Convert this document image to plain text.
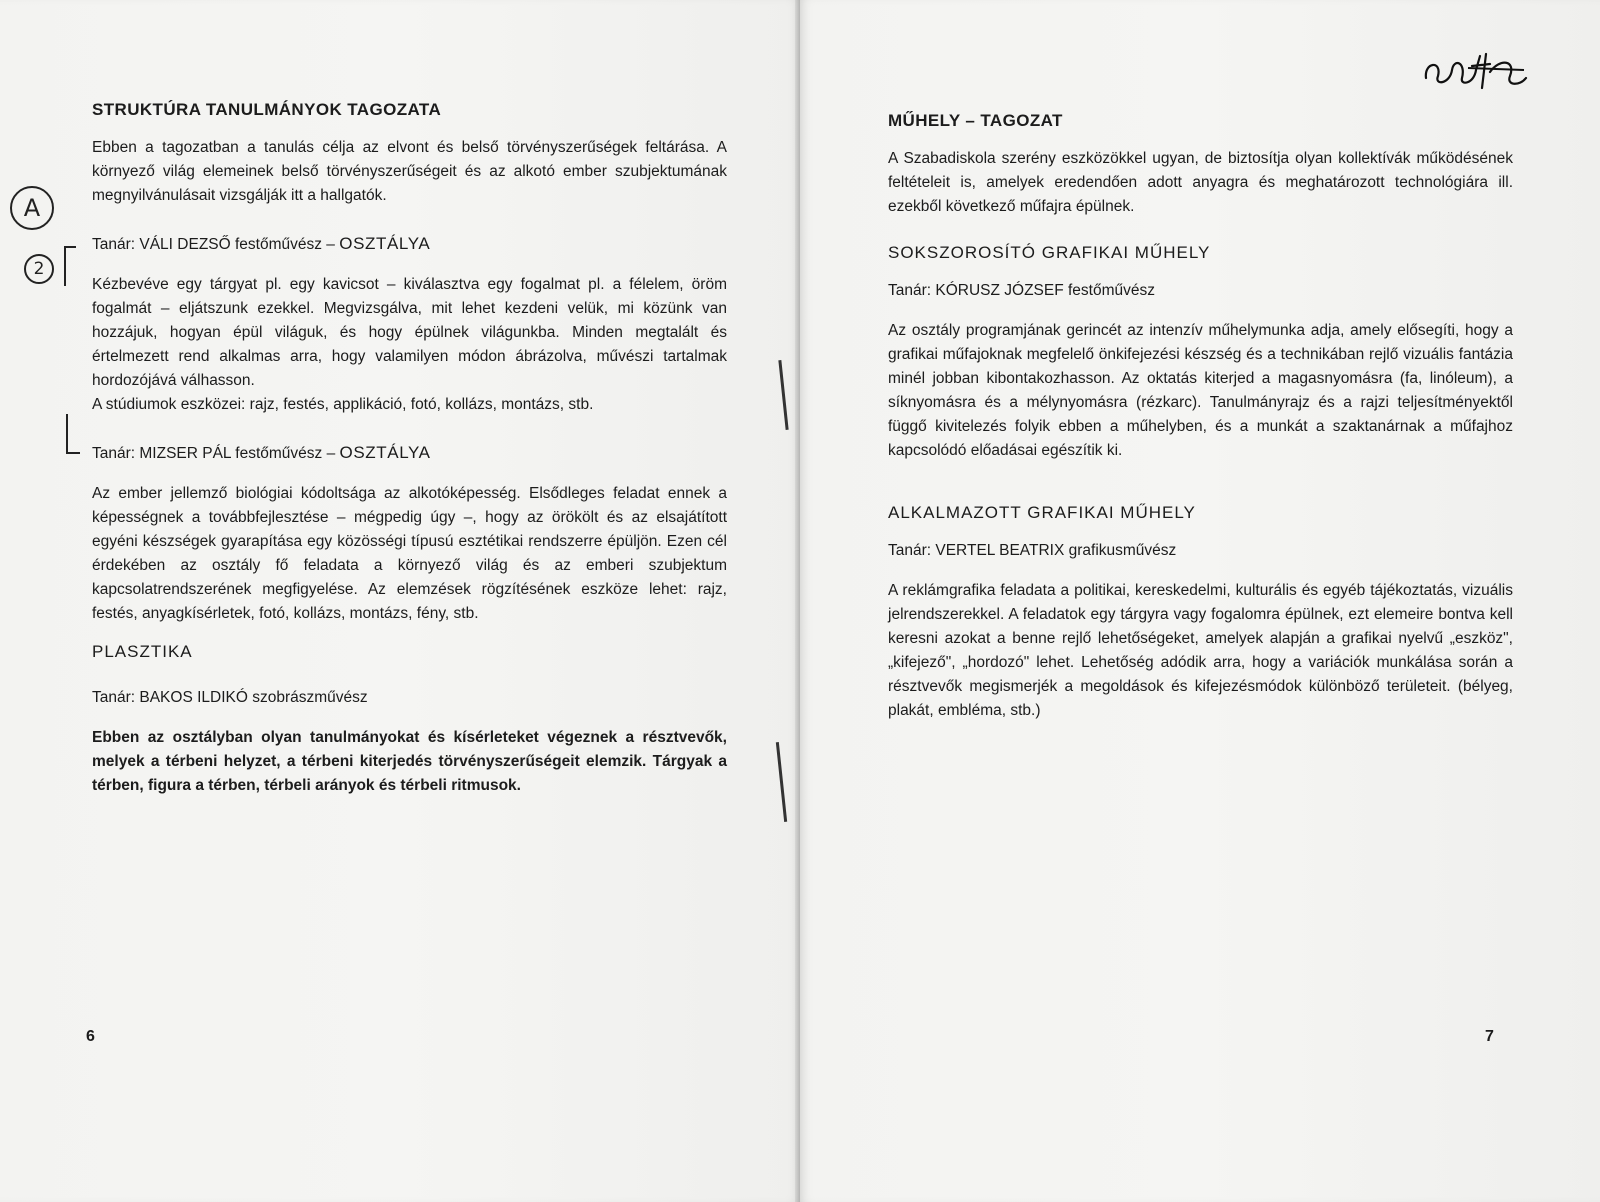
A
2
STRUKTÚRA TANULMÁNYOK TAGOZATA

Ebben a tagozatban a tanulás célja az elvont és belső törvényszerűségek feltárása. A környező világ elemeinek belső törvényszerűségeit és az alkotó ember szubjektumának megnyilvánulásait vizsgálják itt a hallgatók.

Tanár: VÁLI DEZSŐ festőművész – OSZTÁLYA

Kézbevéve egy tárgyat pl. egy kavicsot – kiválasztva egy fogalmat pl. a félelem, öröm fogalmát – eljátszunk ezekkel. Megvizsgálva, mit lehet kezdeni velük, mi közünk van hozzájuk, hogyan épül világuk, és hogy épülnek világunkba. Minden megtalált és értelmezett rend alkalmas arra, hogy valamilyen módon ábrázolva, művészi tartalmak hordozójává válhasson.

A stúdiumok eszközei: rajz, festés, applikáció, fotó, kollázs, montázs, stb.

Tanár: MIZSER PÁL festőművész – OSZTÁLYA

Az ember jellemző biológiai kódoltsága az alkotóképesség. Elsődleges feladat ennek a képességnek a továbbfejlesztése – mégpedig úgy –, hogy az örökölt és az elsajátított egyéni készségek gyarapítása egy közösségi típusú esztétikai rendszerre épüljön. Ezen cél érdekében az osztály fő feladata a környező világ és az emberi szubjektum kapcsolatrendszerének megfigyelése. Az elemzések rögzítésének eszköze lehet: rajz, festés, anyagkísérletek, fotó, kollázs, montázs, fény, stb.

PLASZTIKA
Tanár: BAKOS ILDIKÓ szobrászművész

Ebben az osztályban olyan tanulmányokat és kísérleteket végeznek a résztvevők, melyek a térbeni helyzet, a térbeni kiterjedés törvényszerűségeit elemzik. Tárgyak a térben, figura a térben, térbeli arányok és térbeli ritmusok.

6
MŰHELY – TAGOZAT

A Szabadiskola szerény eszközökkel ugyan, de biztosítja olyan kollektívák működésének feltételeit is, amelyek eredendően adott anyagra és meghatározott technológiára ill. ezekből következő műfajra épülnek.

SOKSZOROSÍTÓ GRAFIKAI MŰHELY
Tanár: KÓRUSZ JÓZSEF festőművész

Az osztály programjának gerincét az intenzív műhelymunka adja, amely elősegíti, hogy a grafikai műfajoknak megfelelő önkifejezési készség és a technikában rejlő vizuális fantázia minél jobban kibontakozhasson. Az oktatás kiterjed a magasnyomásra (fa, linóleum), a síknyomásra és a mélynyomásra (rézkarc). Tanulmányrajz és a rajzi teljesítményektől függő kivitelezés folyik ebben a műhelyben, és a munkát a szaktanárnak a műfajhoz kapcsolódó előadásai egészítik ki.

ALKALMAZOTT GRAFIKAI MŰHELY
Tanár: VERTEL BEATRIX grafikusművész

A reklámgrafika feladata a politikai, kereskedelmi, kulturális és egyéb tájékoztatás, vizuális jelrendszerekkel. A feladatok egy tárgyra vagy fogalomra épülnek, ezt elemeire bontva kell keresni azokat a benne rejlő lehetőségeket, amelyek alapján a grafikai nyelvű „eszköz", „kifejező", „hordozó" lehet. Lehetőség adódik arra, hogy a variációk munkálása során a résztvevők megismerjék a megoldások és kifejezésmódok különböző területeit. (bélyeg, plakát, embléma, stb.)

7
